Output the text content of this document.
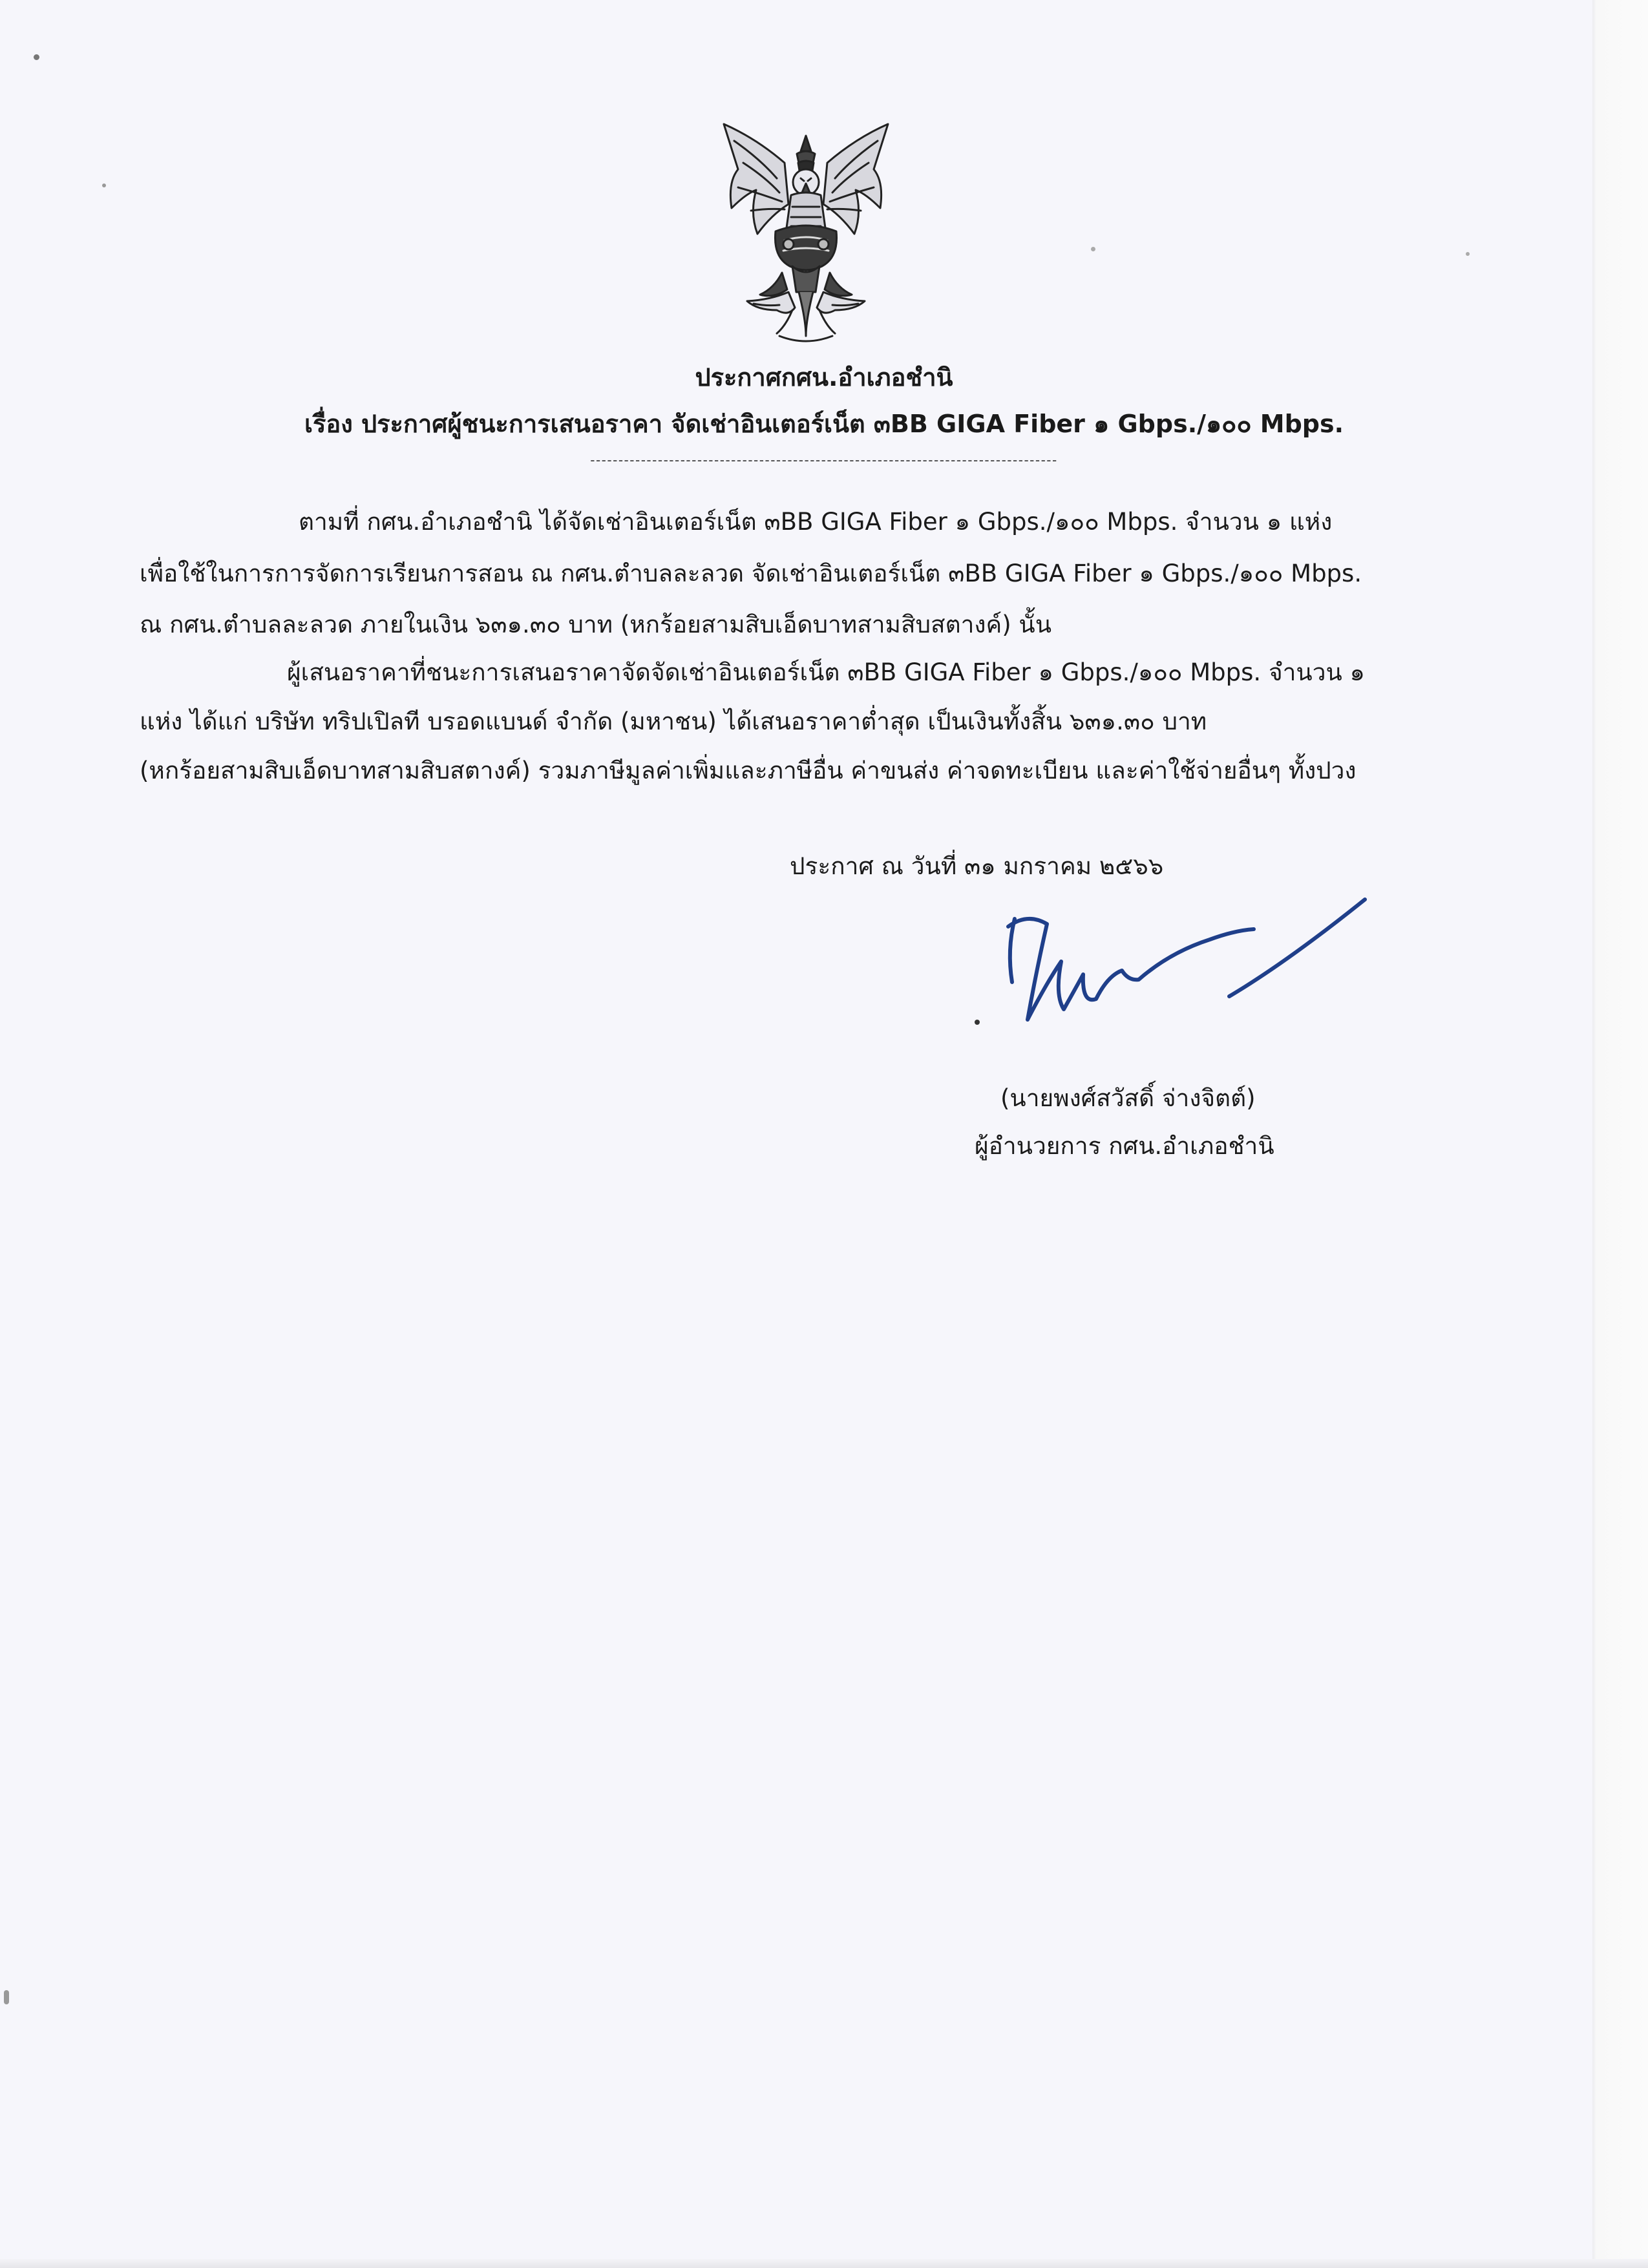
ประกาศกศน.อำเภอชำนิ
เรื่อง ประกาศผู้ชนะการเสนอราคา จัดเช่าอินเตอร์เน็ต ๓BB GIGA Fiber ๑ Gbps./๑๐๐ Mbps.
-----------------------------------------------------------------------------------
ตามที่ กศน.อำเภอชำนิ ได้จัดเช่าอินเตอร์เน็ต ๓BB GIGA Fiber ๑ Gbps./๑๐๐ Mbps. จำนวน ๑ แห่ง
เพื่อใช้ในการการจัดการเรียนการสอน ณ กศน.ตำบลละลวด จัดเช่าอินเตอร์เน็ต ๓BB GIGA Fiber ๑ Gbps./๑๐๐ Mbps.
ณ กศน.ตำบลละลวด ภายในเงิน ๖๓๑.๓๐ บาท (หกร้อยสามสิบเอ็ดบาทสามสิบสตางค์) นั้น
ผู้เสนอราคาที่ชนะการเสนอราคาจัดจัดเช่าอินเตอร์เน็ต ๓BB GIGA Fiber ๑ Gbps./๑๐๐ Mbps. จำนวน ๑
แห่ง ได้แก่ บริษัท ทริปเปิลที บรอดแบนด์ จำกัด (มหาชน) ได้เสนอราคาต่ำสุด เป็นเงินทั้งสิ้น ๖๓๑.๓๐ บาท
(หกร้อยสามสิบเอ็ดบาทสามสิบสตางค์) รวมภาษีมูลค่าเพิ่มและภาษีอื่น ค่าขนส่ง ค่าจดทะเบียน และค่าใช้จ่ายอื่นๆ ทั้งปวง
ประกาศ ณ วันที่ ๓๑ มกราคม ๒๕๖๖
(นายพงศ์สวัสดิ์ จ่างจิตต์)
ผู้อำนวยการ กศน.อำเภอชำนิ
